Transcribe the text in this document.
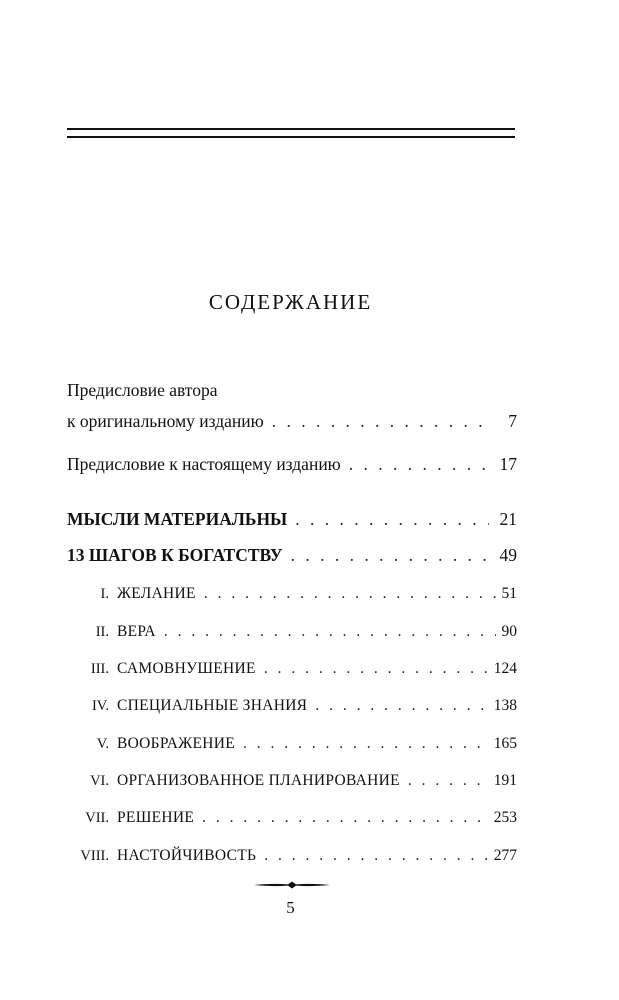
СОДЕРЖАНИЕ
Предисловие автора
к оригинальному изданию . . .	7
Предисловие к настоящему изданию . . .	17
МЫСЛИ МАТЕРИАЛЬНЫ . . .	21
13 ШАГОВ К БОГАТСТВУ . . .	49
I. ЖЕЛАНИЕ . . .	51
II. ВЕРА . . .	90
III. САМОВНУШЕНИЕ . . .	124
IV. СПЕЦИАЛЬНЫЕ ЗНАНИЯ . . .	138
V. ВООБРАЖЕНИЕ . . .	165
VI. ОРГАНИЗОВАННОЕ ПЛАНИРОВАНИЕ . . .	191
VII. РЕШЕНИЕ . . .	253
VIII. НАСТОЙЧИВОСТЬ . . .	277
5
